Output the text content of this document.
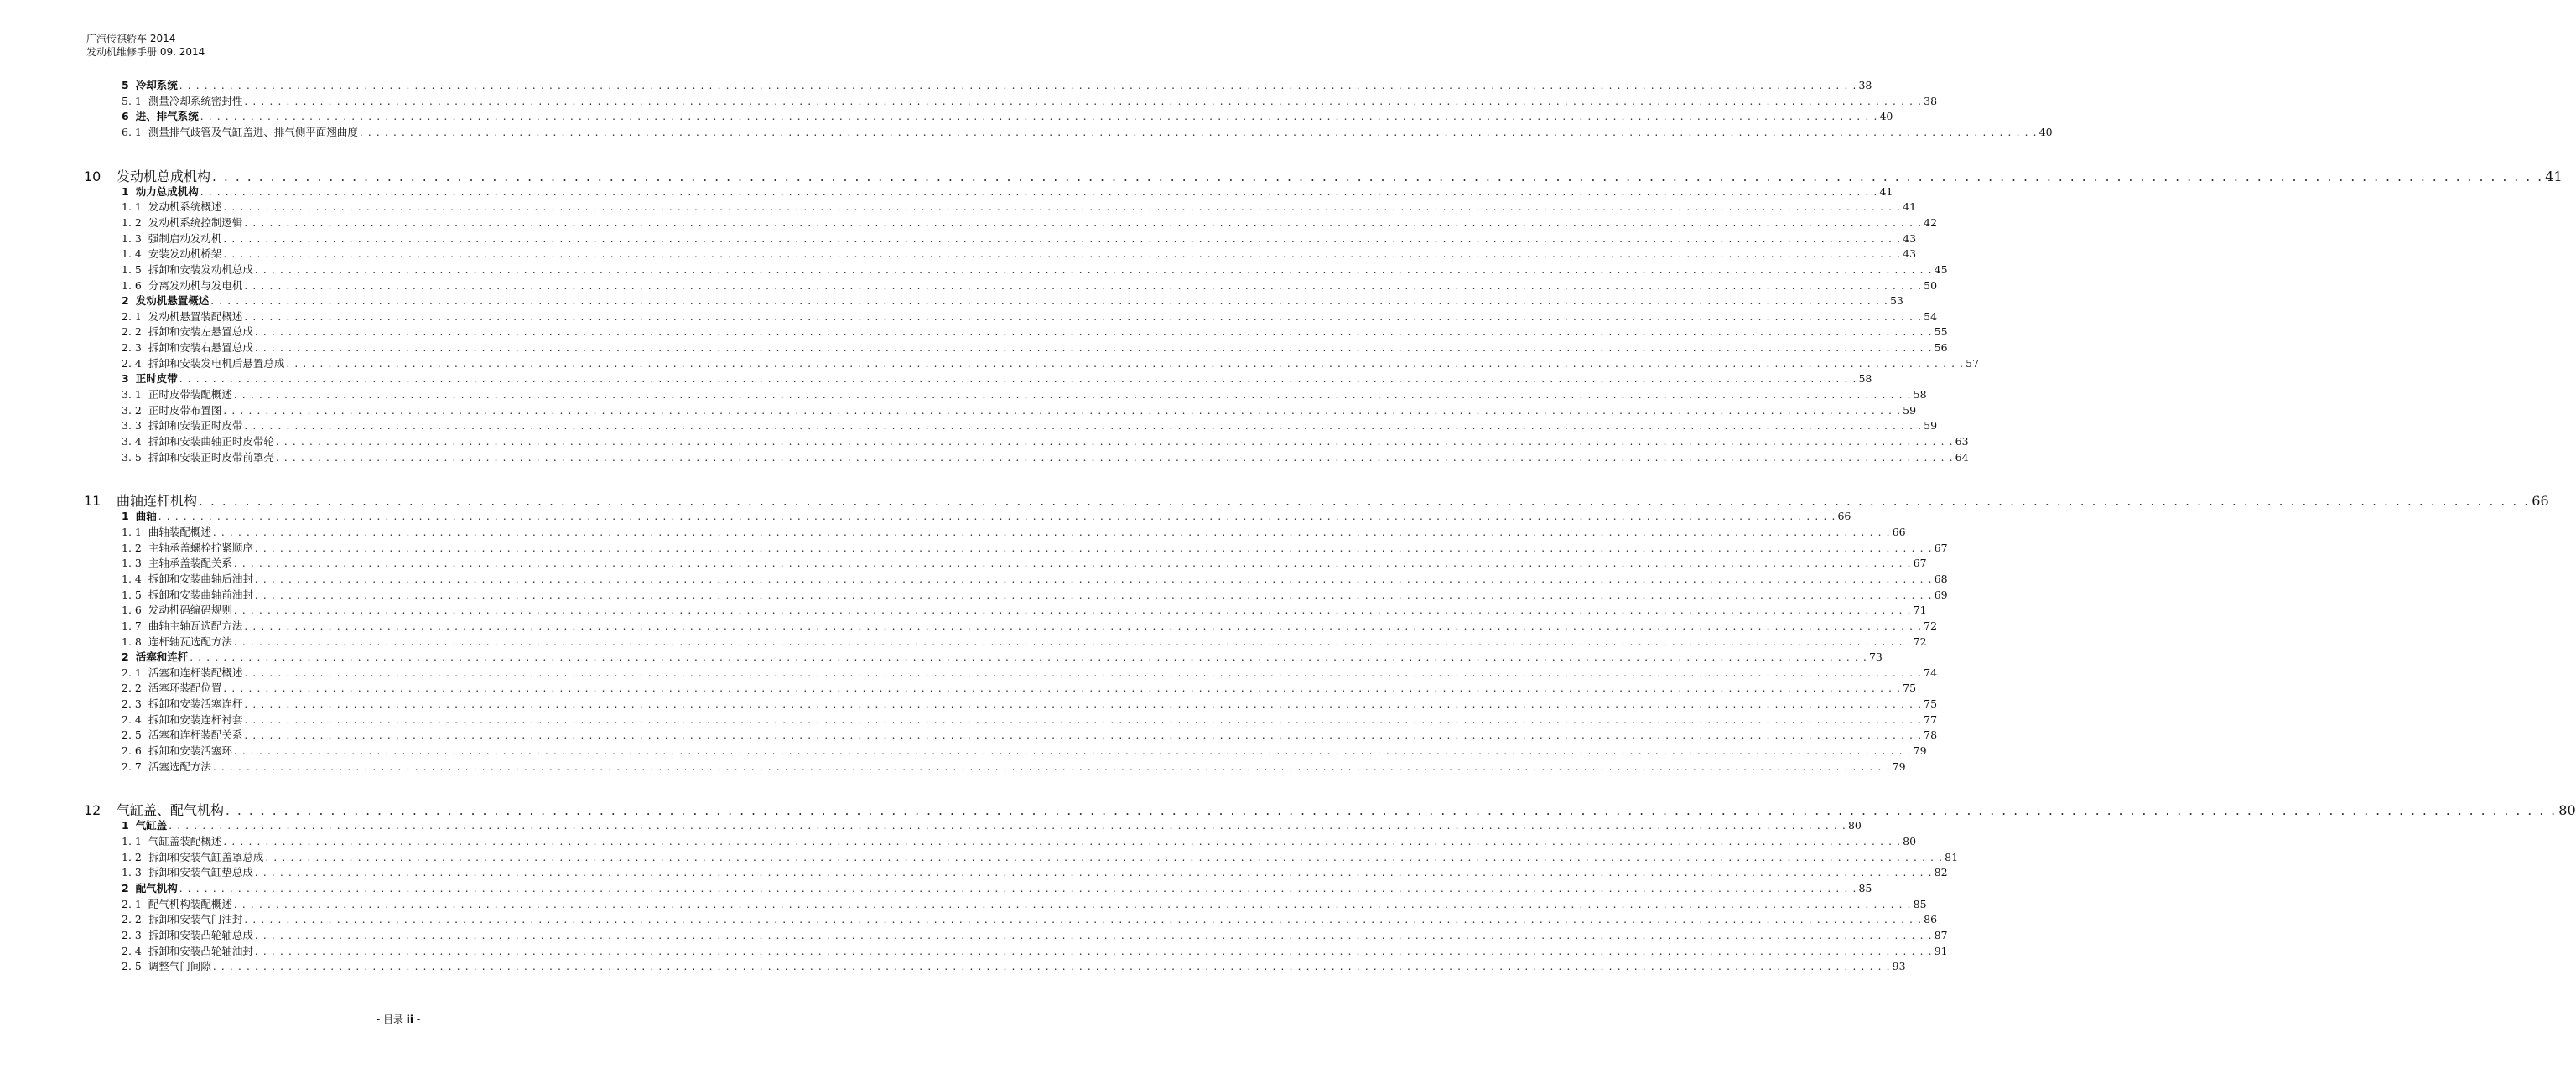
广汽传祺轿车 2014
发动机维修手册 09. 2014
5 冷却系统 . . . . . . . . . . . . . . . . . . . . . . . . . . . . . . . . . . . . . . . . . . . . . . . . . . . . . . . . . . . . . . . . . . . . . . . . . . . . . . . . . . . . . . . . . . . . . . . . . . . . . . . . . . . . . . . . . . . . . . . . . . . . . . . . . . . . . . . . . . . . . . . . . . . . . . . . . . . . . . . . . . . . . . . . . . . . . . . . . . . . . . . . . . . . . . . . . . . . . . . . 38
5. 1 测量冷却系统密封性 . . . . . . . . . . . . . . . . . . . . . . . . . . . . . . . . . . . . . . . . . . . . . . . . . . . . . . . . . . . . . . . . . . . . . . . . . . . . . . . . . . . . . . . . . . . . . . . . . . . . . . . . . . . . . . . . . . . . . . . . . . . . . . . . . . . . . . . . . . . . . . . . . . . . . . . . . . . . . . . . . . . . . . . . . . . . . . . . . . . . . . . . . . . . . . . . . . . . . . . . 38
6 进、排气系统 . . . . . . . . . . . . . . . . . . . . . . . . . . . . . . . . . . . . . . . . . . . . . . . . . . . . . . . . . . . . . . . . . . . . . . . . . . . . . . . . . . . . . . . . . . . . . . . . . . . . . . . . . . . . . . . . . . . . . . . . . . . . . . . . . . . . . . . . . . . . . . . . . . . . . . . . . . . . . . . . . . . . . . . . . . . . . . . . . . . . . . . . . . . . . . . . . . . . . . . . 40
6. 1 测量排气歧管及气缸盖进、排气侧平面翘曲度 . . . . . . . . . . . . . . . . . . . . . . . . . . . . . . . . . . . . . . . . . . . . . . . . . . . . . . . . . . . . . . . . . . . . . . . . . . . . . . . . . . . . . . . . . . . . . . . . . . . . . . . . . . . . . . . . . . . . . . . . . . . . . . . . . . . . . . . . . . . . . . . . . . . . . . . . . . . . . . . . . . . . . . . . . . . . . . . . . . . . . . . . . . . . . . . . . . . . . . . . 40
10	发动机总成机构 . . . . . . . . . . . . . . . . . . . . . . . . . . . . . . . . . . . . . . . . . . . . . . . . . . . . . . . . . . . . . . . . . . . . . . . . . . . . . . . . . . . . . . . . . . . . . . . . . . . . . . . . . . . . . . . . . . . . . . . . . . . . . . . . . . . . . . . . . . . . . . . . . . . . . . . . . . . . . . . . . . . . . . . . . . . . . . . . . . . . . . . . . . . . . . . . . . . . . . . . 41
1 动力总成机构 . . . . . . . . . . . . . . . . . . . . . . . . . . . . . . . . . . . . . . . . . . . . . . . . . . . . . . . . . . . . . . . . . . . . . . . . . . . . . . . . . . . . . . . . . . . . . . . . . . . . . . . . . . . . . . . . . . . . . . . . . . . . . . . . . . . . . . . . . . . . . . . . . . . . . . . . . . . . . . . . . . . . . . . . . . . . . . . . . . . . . . . . . . . . . . . . . . . . . . . . 41
1. 1 发动机系统概述 . . . . . . . . . . . . . . . . . . . . . . . . . . . . . . . . . . . . . . . . . . . . . . . . . . . . . . . . . . . . . . . . . . . . . . . . . . . . . . . . . . . . . . . . . . . . . . . . . . . . . . . . . . . . . . . . . . . . . . . . . . . . . . . . . . . . . . . . . . . . . . . . . . . . . . . . . . . . . . . . . . . . . . . . . . . . . . . . . . . . . . . . . . . . . . . . . . . . . . . . 41
1. 2 发动机系统控制逻辑 . . . . . . . . . . . . . . . . . . . . . . . . . . . . . . . . . . . . . . . . . . . . . . . . . . . . . . . . . . . . . . . . . . . . . . . . . . . . . . . . . . . . . . . . . . . . . . . . . . . . . . . . . . . . . . . . . . . . . . . . . . . . . . . . . . . . . . . . . . . . . . . . . . . . . . . . . . . . . . . . . . . . . . . . . . . . . . . . . . . . . . . . . . . . . . . . . . . . . . . . 42
1. 3 强制启动发动机 . . . . . . . . . . . . . . . . . . . . . . . . . . . . . . . . . . . . . . . . . . . . . . . . . . . . . . . . . . . . . . . . . . . . . . . . . . . . . . . . . . . . . . . . . . . . . . . . . . . . . . . . . . . . . . . . . . . . . . . . . . . . . . . . . . . . . . . . . . . . . . . . . . . . . . . . . . . . . . . . . . . . . . . . . . . . . . . . . . . . . . . . . . . . . . . . . . . . . . . . 43
1. 4 安装发动机桥架 . . . . . . . . . . . . . . . . . . . . . . . . . . . . . . . . . . . . . . . . . . . . . . . . . . . . . . . . . . . . . . . . . . . . . . . . . . . . . . . . . . . . . . . . . . . . . . . . . . . . . . . . . . . . . . . . . . . . . . . . . . . . . . . . . . . . . . . . . . . . . . . . . . . . . . . . . . . . . . . . . . . . . . . . . . . . . . . . . . . . . . . . . . . . . . . . . . . . . . . . 43
1. 5 拆卸和安装发动机总成 . . . . . . . . . . . . . . . . . . . . . . . . . . . . . . . . . . . . . . . . . . . . . . . . . . . . . . . . . . . . . . . . . . . . . . . . . . . . . . . . . . . . . . . . . . . . . . . . . . . . . . . . . . . . . . . . . . . . . . . . . . . . . . . . . . . . . . . . . . . . . . . . . . . . . . . . . . . . . . . . . . . . . . . . . . . . . . . . . . . . . . . . . . . . . . . . . . . . . . . . 45
1. 6 分离发动机与发电机 . . . . . . . . . . . . . . . . . . . . . . . . . . . . . . . . . . . . . . . . . . . . . . . . . . . . . . . . . . . . . . . . . . . . . . . . . . . . . . . . . . . . . . . . . . . . . . . . . . . . . . . . . . . . . . . . . . . . . . . . . . . . . . . . . . . . . . . . . . . . . . . . . . . . . . . . . . . . . . . . . . . . . . . . . . . . . . . . . . . . . . . . . . . . . . . . . . . . . . . . 50
2 发动机悬置概述 . . . . . . . . . . . . . . . . . . . . . . . . . . . . . . . . . . . . . . . . . . . . . . . . . . . . . . . . . . . . . . . . . . . . . . . . . . . . . . . . . . . . . . . . . . . . . . . . . . . . . . . . . . . . . . . . . . . . . . . . . . . . . . . . . . . . . . . . . . . . . . . . . . . . . . . . . . . . . . . . . . . . . . . . . . . . . . . . . . . . . . . . . . . . . . . . . . . . . . . . 53
2. 1 发动机悬置装配概述 . . . . . . . . . . . . . . . . . . . . . . . . . . . . . . . . . . . . . . . . . . . . . . . . . . . . . . . . . . . . . . . . . . . . . . . . . . . . . . . . . . . . . . . . . . . . . . . . . . . . . . . . . . . . . . . . . . . . . . . . . . . . . . . . . . . . . . . . . . . . . . . . . . . . . . . . . . . . . . . . . . . . . . . . . . . . . . . . . . . . . . . . . . . . . . . . . . . . . . . . 54
2. 2 拆卸和安装左悬置总成 . . . . . . . . . . . . . . . . . . . . . . . . . . . . . . . . . . . . . . . . . . . . . . . . . . . . . . . . . . . . . . . . . . . . . . . . . . . . . . . . . . . . . . . . . . . . . . . . . . . . . . . . . . . . . . . . . . . . . . . . . . . . . . . . . . . . . . . . . . . . . . . . . . . . . . . . . . . . . . . . . . . . . . . . . . . . . . . . . . . . . . . . . . . . . . . . . . . . . . . . 55
2. 3 拆卸和安装右悬置总成 . . . . . . . . . . . . . . . . . . . . . . . . . . . . . . . . . . . . . . . . . . . . . . . . . . . . . . . . . . . . . . . . . . . . . . . . . . . . . . . . . . . . . . . . . . . . . . . . . . . . . . . . . . . . . . . . . . . . . . . . . . . . . . . . . . . . . . . . . . . . . . . . . . . . . . . . . . . . . . . . . . . . . . . . . . . . . . . . . . . . . . . . . . . . . . . . . . . . . . . . 56
2. 4 拆卸和安装发电机后悬置总成 . . . . . . . . . . . . . . . . . . . . . . . . . . . . . . . . . . . . . . . . . . . . . . . . . . . . . . . . . . . . . . . . . . . . . . . . . . . . . . . . . . . . . . . . . . . . . . . . . . . . . . . . . . . . . . . . . . . . . . . . . . . . . . . . . . . . . . . . . . . . . . . . . . . . . . . . . . . . . . . . . . . . . . . . . . . . . . . . . . . . . . . . . . . . . . . . . . . . . . . . 57
3 正时皮带 . . . . . . . . . . . . . . . . . . . . . . . . . . . . . . . . . . . . . . . . . . . . . . . . . . . . . . . . . . . . . . . . . . . . . . . . . . . . . . . . . . . . . . . . . . . . . . . . . . . . . . . . . . . . . . . . . . . . . . . . . . . . . . . . . . . . . . . . . . . . . . . . . . . . . . . . . . . . . . . . . . . . . . . . . . . . . . . . . . . . . . . . . . . . . . . . . . . . . . . . 58
3. 1 正时皮带装配概述 . . . . . . . . . . . . . . . . . . . . . . . . . . . . . . . . . . . . . . . . . . . . . . . . . . . . . . . . . . . . . . . . . . . . . . . . . . . . . . . . . . . . . . . . . . . . . . . . . . . . . . . . . . . . . . . . . . . . . . . . . . . . . . . . . . . . . . . . . . . . . . . . . . . . . . . . . . . . . . . . . . . . . . . . . . . . . . . . . . . . . . . . . . . . . . . . . . . . . . . . 58
3. 2 正时皮带布置图 . . . . . . . . . . . . . . . . . . . . . . . . . . . . . . . . . . . . . . . . . . . . . . . . . . . . . . . . . . . . . . . . . . . . . . . . . . . . . . . . . . . . . . . . . . . . . . . . . . . . . . . . . . . . . . . . . . . . . . . . . . . . . . . . . . . . . . . . . . . . . . . . . . . . . . . . . . . . . . . . . . . . . . . . . . . . . . . . . . . . . . . . . . . . . . . . . . . . . . . . 59
3. 3 拆卸和安装正时皮带 . . . . . . . . . . . . . . . . . . . . . . . . . . . . . . . . . . . . . . . . . . . . . . . . . . . . . . . . . . . . . . . . . . . . . . . . . . . . . . . . . . . . . . . . . . . . . . . . . . . . . . . . . . . . . . . . . . . . . . . . . . . . . . . . . . . . . . . . . . . . . . . . . . . . . . . . . . . . . . . . . . . . . . . . . . . . . . . . . . . . . . . . . . . . . . . . . . . . . . . . 59
3. 4 拆卸和安装曲轴正时皮带轮 . . . . . . . . . . . . . . . . . . . . . . . . . . . . . . . . . . . . . . . . . . . . . . . . . . . . . . . . . . . . . . . . . . . . . . . . . . . . . . . . . . . . . . . . . . . . . . . . . . . . . . . . . . . . . . . . . . . . . . . . . . . . . . . . . . . . . . . . . . . . . . . . . . . . . . . . . . . . . . . . . . . . . . . . . . . . . . . . . . . . . . . . . . . . . . . . . . . . . . . . 63
3. 5 拆卸和安装正时皮带前罩壳 . . . . . . . . . . . . . . . . . . . . . . . . . . . . . . . . . . . . . . . . . . . . . . . . . . . . . . . . . . . . . . . . . . . . . . . . . . . . . . . . . . . . . . . . . . . . . . . . . . . . . . . . . . . . . . . . . . . . . . . . . . . . . . . . . . . . . . . . . . . . . . . . . . . . . . . . . . . . . . . . . . . . . . . . . . . . . . . . . . . . . . . . . . . . . . . . . . . . . . . . 64
11	曲轴连杆机构 . . . . . . . . . . . . . . . . . . . . . . . . . . . . . . . . . . . . . . . . . . . . . . . . . . . . . . . . . . . . . . . . . . . . . . . . . . . . . . . . . . . . . . . . . . . . . . . . . . . . . . . . . . . . . . . . . . . . . . . . . . . . . . . . . . . . . . . . . . . . . . . . . . . . . . . . . . . . . . . . . . . . . . . . . . . . . . . . . . . . . . . . . . . . . . . . . . . . . . . . 66
1 曲轴 . . . . . . . . . . . . . . . . . . . . . . . . . . . . . . . . . . . . . . . . . . . . . . . . . . . . . . . . . . . . . . . . . . . . . . . . . . . . . . . . . . . . . . . . . . . . . . . . . . . . . . . . . . . . . . . . . . . . . . . . . . . . . . . . . . . . . . . . . . . . . . . . . . . . . . . . . . . . . . . . . . . . . . . . . . . . . . . . . . . . . . . . . . . . . . . . . . . . . . . . 66
1. 1 曲轴装配概述 . . . . . . . . . . . . . . . . . . . . . . . . . . . . . . . . . . . . . . . . . . . . . . . . . . . . . . . . . . . . . . . . . . . . . . . . . . . . . . . . . . . . . . . . . . . . . . . . . . . . . . . . . . . . . . . . . . . . . . . . . . . . . . . . . . . . . . . . . . . . . . . . . . . . . . . . . . . . . . . . . . . . . . . . . . . . . . . . . . . . . . . . . . . . . . . . . . . . . . . . 66
1. 2 主轴承盖螺栓拧紧顺序 . . . . . . . . . . . . . . . . . . . . . . . . . . . . . . . . . . . . . . . . . . . . . . . . . . . . . . . . . . . . . . . . . . . . . . . . . . . . . . . . . . . . . . . . . . . . . . . . . . . . . . . . . . . . . . . . . . . . . . . . . . . . . . . . . . . . . . . . . . . . . . . . . . . . . . . . . . . . . . . . . . . . . . . . . . . . . . . . . . . . . . . . . . . . . . . . . . . . . . . . 67
1. 3 主轴承盖装配关系 . . . . . . . . . . . . . . . . . . . . . . . . . . . . . . . . . . . . . . . . . . . . . . . . . . . . . . . . . . . . . . . . . . . . . . . . . . . . . . . . . . . . . . . . . . . . . . . . . . . . . . . . . . . . . . . . . . . . . . . . . . . . . . . . . . . . . . . . . . . . . . . . . . . . . . . . . . . . . . . . . . . . . . . . . . . . . . . . . . . . . . . . . . . . . . . . . . . . . . . . 67
1. 4 拆卸和安装曲轴后油封 . . . . . . . . . . . . . . . . . . . . . . . . . . . . . . . . . . . . . . . . . . . . . . . . . . . . . . . . . . . . . . . . . . . . . . . . . . . . . . . . . . . . . . . . . . . . . . . . . . . . . . . . . . . . . . . . . . . . . . . . . . . . . . . . . . . . . . . . . . . . . . . . . . . . . . . . . . . . . . . . . . . . . . . . . . . . . . . . . . . . . . . . . . . . . . . . . . . . . . . . 68
1. 5 拆卸和安装曲轴前油封 . . . . . . . . . . . . . . . . . . . . . . . . . . . . . . . . . . . . . . . . . . . . . . . . . . . . . . . . . . . . . . . . . . . . . . . . . . . . . . . . . . . . . . . . . . . . . . . . . . . . . . . . . . . . . . . . . . . . . . . . . . . . . . . . . . . . . . . . . . . . . . . . . . . . . . . . . . . . . . . . . . . . . . . . . . . . . . . . . . . . . . . . . . . . . . . . . . . . . . . . 69
1. 6 发动机码编码规则 . . . . . . . . . . . . . . . . . . . . . . . . . . . . . . . . . . . . . . . . . . . . . . . . . . . . . . . . . . . . . . . . . . . . . . . . . . . . . . . . . . . . . . . . . . . . . . . . . . . . . . . . . . . . . . . . . . . . . . . . . . . . . . . . . . . . . . . . . . . . . . . . . . . . . . . . . . . . . . . . . . . . . . . . . . . . . . . . . . . . . . . . . . . . . . . . . . . . . . . . 71
1. 7 曲轴主轴瓦选配方法 . . . . . . . . . . . . . . . . . . . . . . . . . . . . . . . . . . . . . . . . . . . . . . . . . . . . . . . . . . . . . . . . . . . . . . . . . . . . . . . . . . . . . . . . . . . . . . . . . . . . . . . . . . . . . . . . . . . . . . . . . . . . . . . . . . . . . . . . . . . . . . . . . . . . . . . . . . . . . . . . . . . . . . . . . . . . . . . . . . . . . . . . . . . . . . . . . . . . . . . . 72
1. 8 连杆轴瓦选配方法 . . . . . . . . . . . . . . . . . . . . . . . . . . . . . . . . . . . . . . . . . . . . . . . . . . . . . . . . . . . . . . . . . . . . . . . . . . . . . . . . . . . . . . . . . . . . . . . . . . . . . . . . . . . . . . . . . . . . . . . . . . . . . . . . . . . . . . . . . . . . . . . . . . . . . . . . . . . . . . . . . . . . . . . . . . . . . . . . . . . . . . . . . . . . . . . . . . . . . . . . 72
2 活塞和连杆 . . . . . . . . . . . . . . . . . . . . . . . . . . . . . . . . . . . . . . . . . . . . . . . . . . . . . . . . . . . . . . . . . . . . . . . . . . . . . . . . . . . . . . . . . . . . . . . . . . . . . . . . . . . . . . . . . . . . . . . . . . . . . . . . . . . . . . . . . . . . . . . . . . . . . . . . . . . . . . . . . . . . . . . . . . . . . . . . . . . . . . . . . . . . . . . . . . . . . . . . 73
2. 1 活塞和连杆装配概述 . . . . . . . . . . . . . . . . . . . . . . . . . . . . . . . . . . . . . . . . . . . . . . . . . . . . . . . . . . . . . . . . . . . . . . . . . . . . . . . . . . . . . . . . . . . . . . . . . . . . . . . . . . . . . . . . . . . . . . . . . . . . . . . . . . . . . . . . . . . . . . . . . . . . . . . . . . . . . . . . . . . . . . . . . . . . . . . . . . . . . . . . . . . . . . . . . . . . . . . . 74
2. 2 活塞环装配位置 . . . . . . . . . . . . . . . . . . . . . . . . . . . . . . . . . . . . . . . . . . . . . . . . . . . . . . . . . . . . . . . . . . . . . . . . . . . . . . . . . . . . . . . . . . . . . . . . . . . . . . . . . . . . . . . . . . . . . . . . . . . . . . . . . . . . . . . . . . . . . . . . . . . . . . . . . . . . . . . . . . . . . . . . . . . . . . . . . . . . . . . . . . . . . . . . . . . . . . . . 75
2. 3 拆卸和安装活塞连杆 . . . . . . . . . . . . . . . . . . . . . . . . . . . . . . . . . . . . . . . . . . . . . . . . . . . . . . . . . . . . . . . . . . . . . . . . . . . . . . . . . . . . . . . . . . . . . . . . . . . . . . . . . . . . . . . . . . . . . . . . . . . . . . . . . . . . . . . . . . . . . . . . . . . . . . . . . . . . . . . . . . . . . . . . . . . . . . . . . . . . . . . . . . . . . . . . . . . . . . . . 75
2. 4 拆卸和安装连杆衬套 . . . . . . . . . . . . . . . . . . . . . . . . . . . . . . . . . . . . . . . . . . . . . . . . . . . . . . . . . . . . . . . . . . . . . . . . . . . . . . . . . . . . . . . . . . . . . . . . . . . . . . . . . . . . . . . . . . . . . . . . . . . . . . . . . . . . . . . . . . . . . . . . . . . . . . . . . . . . . . . . . . . . . . . . . . . . . . . . . . . . . . . . . . . . . . . . . . . . . . . . 77
2. 5 活塞和连杆装配关系 . . . . . . . . . . . . . . . . . . . . . . . . . . . . . . . . . . . . . . . . . . . . . . . . . . . . . . . . . . . . . . . . . . . . . . . . . . . . . . . . . . . . . . . . . . . . . . . . . . . . . . . . . . . . . . . . . . . . . . . . . . . . . . . . . . . . . . . . . . . . . . . . . . . . . . . . . . . . . . . . . . . . . . . . . . . . . . . . . . . . . . . . . . . . . . . . . . . . . . . . 78
2. 6 拆卸和安装活塞环 . . . . . . . . . . . . . . . . . . . . . . . . . . . . . . . . . . . . . . . . . . . . . . . . . . . . . . . . . . . . . . . . . . . . . . . . . . . . . . . . . . . . . . . . . . . . . . . . . . . . . . . . . . . . . . . . . . . . . . . . . . . . . . . . . . . . . . . . . . . . . . . . . . . . . . . . . . . . . . . . . . . . . . . . . . . . . . . . . . . . . . . . . . . . . . . . . . . . . . . . 79
2. 7 活塞选配方法 . . . . . . . . . . . . . . . . . . . . . . . . . . . . . . . . . . . . . . . . . . . . . . . . . . . . . . . . . . . . . . . . . . . . . . . . . . . . . . . . . . . . . . . . . . . . . . . . . . . . . . . . . . . . . . . . . . . . . . . . . . . . . . . . . . . . . . . . . . . . . . . . . . . . . . . . . . . . . . . . . . . . . . . . . . . . . . . . . . . . . . . . . . . . . . . . . . . . . . . . 79
12	气缸盖、配气机构 . . . . . . . . . . . . . . . . . . . . . . . . . . . . . . . . . . . . . . . . . . . . . . . . . . . . . . . . . . . . . . . . . . . . . . . . . . . . . . . . . . . . . . . . . . . . . . . . . . . . . . . . . . . . . . . . . . . . . . . . . . . . . . . . . . . . . . . . . . . . . . . . . . . . . . . . . . . . . . . . . . . . . . . . . . . . . . . . . . . . . . . . . . . . . . . . . . . . . . . . 80
1 气缸盖 . . . . . . . . . . . . . . . . . . . . . . . . . . . . . . . . . . . . . . . . . . . . . . . . . . . . . . . . . . . . . . . . . . . . . . . . . . . . . . . . . . . . . . . . . . . . . . . . . . . . . . . . . . . . . . . . . . . . . . . . . . . . . . . . . . . . . . . . . . . . . . . . . . . . . . . . . . . . . . . . . . . . . . . . . . . . . . . . . . . . . . . . . . . . . . . . . . . . . . . . 80
1. 1 气缸盖装配概述 . . . . . . . . . . . . . . . . . . . . . . . . . . . . . . . . . . . . . . . . . . . . . . . . . . . . . . . . . . . . . . . . . . . . . . . . . . . . . . . . . . . . . . . . . . . . . . . . . . . . . . . . . . . . . . . . . . . . . . . . . . . . . . . . . . . . . . . . . . . . . . . . . . . . . . . . . . . . . . . . . . . . . . . . . . . . . . . . . . . . . . . . . . . . . . . . . . . . . . . . 80
1. 2 拆卸和安装气缸盖罩总成 . . . . . . . . . . . . . . . . . . . . . . . . . . . . . . . . . . . . . . . . . . . . . . . . . . . . . . . . . . . . . . . . . . . . . . . . . . . . . . . . . . . . . . . . . . . . . . . . . . . . . . . . . . . . . . . . . . . . . . . . . . . . . . . . . . . . . . . . . . . . . . . . . . . . . . . . . . . . . . . . . . . . . . . . . . . . . . . . . . . . . . . . . . . . . . . . . . . . . . . . 81
1. 3 拆卸和安装气缸垫总成 . . . . . . . . . . . . . . . . . . . . . . . . . . . . . . . . . . . . . . . . . . . . . . . . . . . . . . . . . . . . . . . . . . . . . . . . . . . . . . . . . . . . . . . . . . . . . . . . . . . . . . . . . . . . . . . . . . . . . . . . . . . . . . . . . . . . . . . . . . . . . . . . . . . . . . . . . . . . . . . . . . . . . . . . . . . . . . . . . . . . . . . . . . . . . . . . . . . . . . . . 82
2 配气机构 . . . . . . . . . . . . . . . . . . . . . . . . . . . . . . . . . . . . . . . . . . . . . . . . . . . . . . . . . . . . . . . . . . . . . . . . . . . . . . . . . . . . . . . . . . . . . . . . . . . . . . . . . . . . . . . . . . . . . . . . . . . . . . . . . . . . . . . . . . . . . . . . . . . . . . . . . . . . . . . . . . . . . . . . . . . . . . . . . . . . . . . . . . . . . . . . . . . . . . . . 85
2. 1 配气机构装配概述 . . . . . . . . . . . . . . . . . . . . . . . . . . . . . . . . . . . . . . . . . . . . . . . . . . . . . . . . . . . . . . . . . . . . . . . . . . . . . . . . . . . . . . . . . . . . . . . . . . . . . . . . . . . . . . . . . . . . . . . . . . . . . . . . . . . . . . . . . . . . . . . . . . . . . . . . . . . . . . . . . . . . . . . . . . . . . . . . . . . . . . . . . . . . . . . . . . . . . . . . 85
2. 2 拆卸和安装气门油封 . . . . . . . . . . . . . . . . . . . . . . . . . . . . . . . . . . . . . . . . . . . . . . . . . . . . . . . . . . . . . . . . . . . . . . . . . . . . . . . . . . . . . . . . . . . . . . . . . . . . . . . . . . . . . . . . . . . . . . . . . . . . . . . . . . . . . . . . . . . . . . . . . . . . . . . . . . . . . . . . . . . . . . . . . . . . . . . . . . . . . . . . . . . . . . . . . . . . . . . . 86
2. 3 拆卸和安装凸轮轴总成 . . . . . . . . . . . . . . . . . . . . . . . . . . . . . . . . . . . . . . . . . . . . . . . . . . . . . . . . . . . . . . . . . . . . . . . . . . . . . . . . . . . . . . . . . . . . . . . . . . . . . . . . . . . . . . . . . . . . . . . . . . . . . . . . . . . . . . . . . . . . . . . . . . . . . . . . . . . . . . . . . . . . . . . . . . . . . . . . . . . . . . . . . . . . . . . . . . . . . . . . 87
2. 4 拆卸和安装凸轮轴油封 . . . . . . . . . . . . . . . . . . . . . . . . . . . . . . . . . . . . . . . . . . . . . . . . . . . . . . . . . . . . . . . . . . . . . . . . . . . . . . . . . . . . . . . . . . . . . . . . . . . . . . . . . . . . . . . . . . . . . . . . . . . . . . . . . . . . . . . . . . . . . . . . . . . . . . . . . . . . . . . . . . . . . . . . . . . . . . . . . . . . . . . . . . . . . . . . . . . . . . . . 91
2. 5 调整气门间隙 . . . . . . . . . . . . . . . . . . . . . . . . . . . . . . . . . . . . . . . . . . . . . . . . . . . . . . . . . . . . . . . . . . . . . . . . . . . . . . . . . . . . . . . . . . . . . . . . . . . . . . . . . . . . . . . . . . . . . . . . . . . . . . . . . . . . . . . . . . . . . . . . . . . . . . . . . . . . . . . . . . . . . . . . . . . . . . . . . . . . . . . . . . . . . . . . . . . . . . . . 93
- 目录 ii -
